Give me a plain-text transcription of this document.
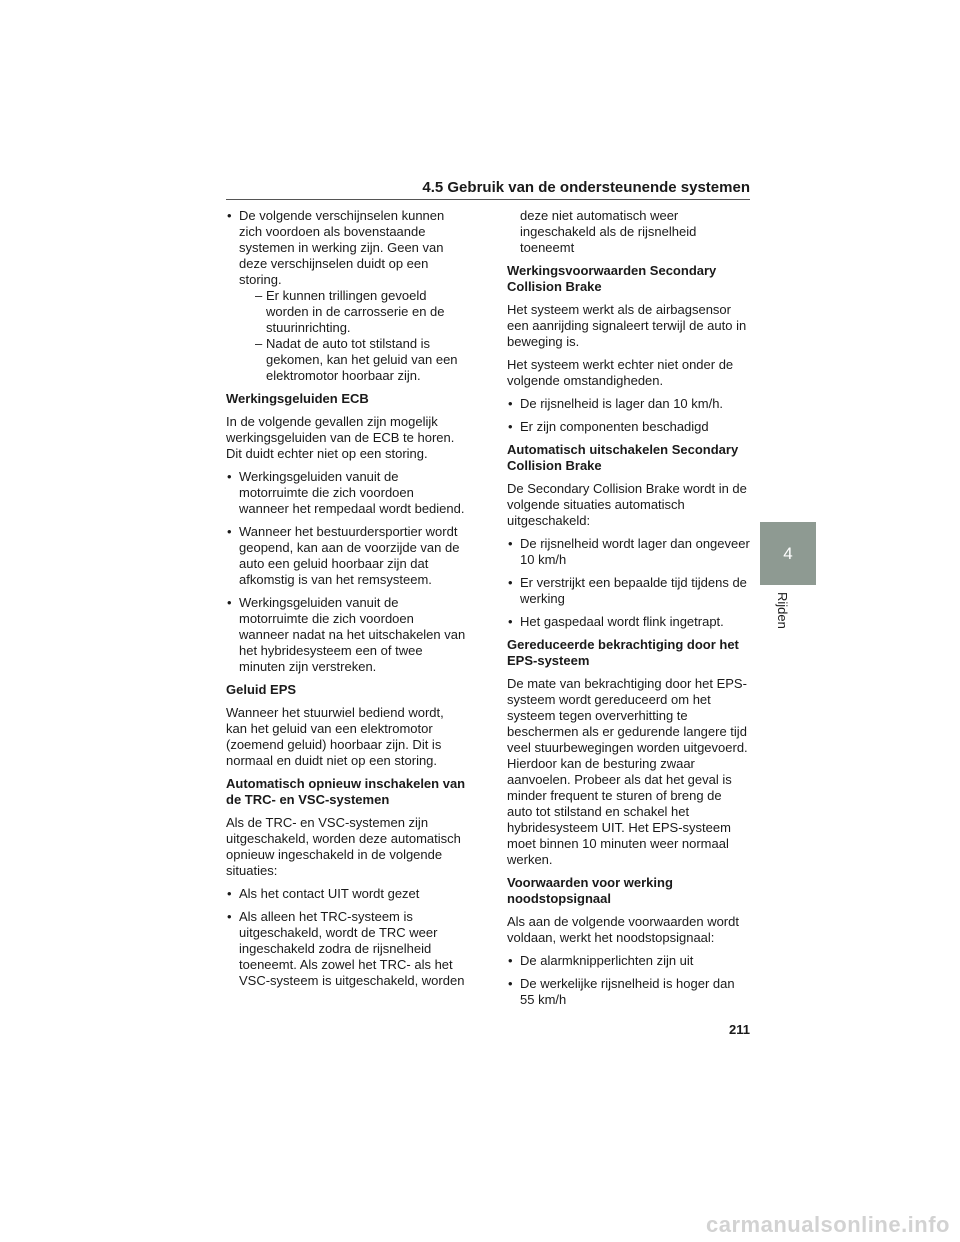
4.5 Gebruik van de ondersteunende systemen
• De volgende verschijnselen kunnen zich voordoen als bovenstaande systemen in werking zijn. Geen van deze verschijnselen duidt op een storing.
– Er kunnen trillingen gevoeld worden in de carrosserie en de stuurinrichting.
– Nadat de auto tot stilstand is gekomen, kan het geluid van een elektromotor hoorbaar zijn.

Werkingsgeluiden ECB

In de volgende gevallen zijn mogelijk werkingsgeluiden van de ECB te horen. Dit duidt echter niet op een storing.

• Werkingsgeluiden vanuit de motorruimte die zich voordoen wanneer het rempedaal wordt bediend.
• Wanneer het bestuurdersportier wordt geopend, kan aan de voorzijde van de auto een geluid hoorbaar zijn dat afkomstig is van het remsysteem.
• Werkingsgeluiden vanuit de motorruimte die zich voordoen wanneer nadat na het uitschakelen van het hybridesysteem een of twee minuten zijn verstreken.

Geluid EPS

Wanneer het stuurwiel bediend wordt, kan het geluid van een elektromotor (zoemend geluid) hoorbaar zijn. Dit is normaal en duidt niet op een storing.

Automatisch opnieuw inschakelen van de TRC- en VSC-systemen

Als de TRC- en VSC-systemen zijn uitgeschakeld, worden deze automatisch opnieuw ingeschakeld in de volgende situaties:

• Als het contact UIT wordt gezet
• Als alleen het TRC-systeem is uitgeschakeld, wordt de TRC weer ingeschakeld zodra de rijsnelheid toeneemt. Als zowel het TRC- als het VSC-systeem is uitgeschakeld, worden
deze niet automatisch weer ingeschakeld als de rijsnelheid toeneemt

Werkingsvoorwaarden Secondary Collision Brake

Het systeem werkt als de airbagsensor een aanrijding signaleert terwijl de auto in beweging is.

Het systeem werkt echter niet onder de volgende omstandigheden.

• De rijsnelheid is lager dan 10 km/h.
• Er zijn componenten beschadigd

Automatisch uitschakelen Secondary Collision Brake

De Secondary Collision Brake wordt in de volgende situaties automatisch uitgeschakeld:

• De rijsnelheid wordt lager dan ongeveer 10 km/h
• Er verstrijkt een bepaalde tijd tijdens de werking
• Het gaspedaal wordt flink ingetrapt.

Gereduceerde bekrachtiging door het EPS-systeem

De mate van bekrachtiging door het EPS-systeem wordt gereduceerd om het systeem tegen oververhitting te beschermen als er gedurende langere tijd veel stuurbewegingen worden uitgevoerd. Hierdoor kan de besturing zwaar aanvoelen. Probeer als dat het geval is minder frequent te sturen of breng de auto tot stilstand en schakel het hybridesysteem UIT. Het EPS-systeem moet binnen 10 minuten weer normaal werken.

Voorwaarden voor werking noodstopsignaal

Als aan de volgende voorwaarden wordt voldaan, werkt het noodstopsignaal:

• De alarmknipperlichten zijn uit
• De werkelijke rijsnelheid is hoger dan 55 km/h
4
Rijden
211
carmanualsonline.info
